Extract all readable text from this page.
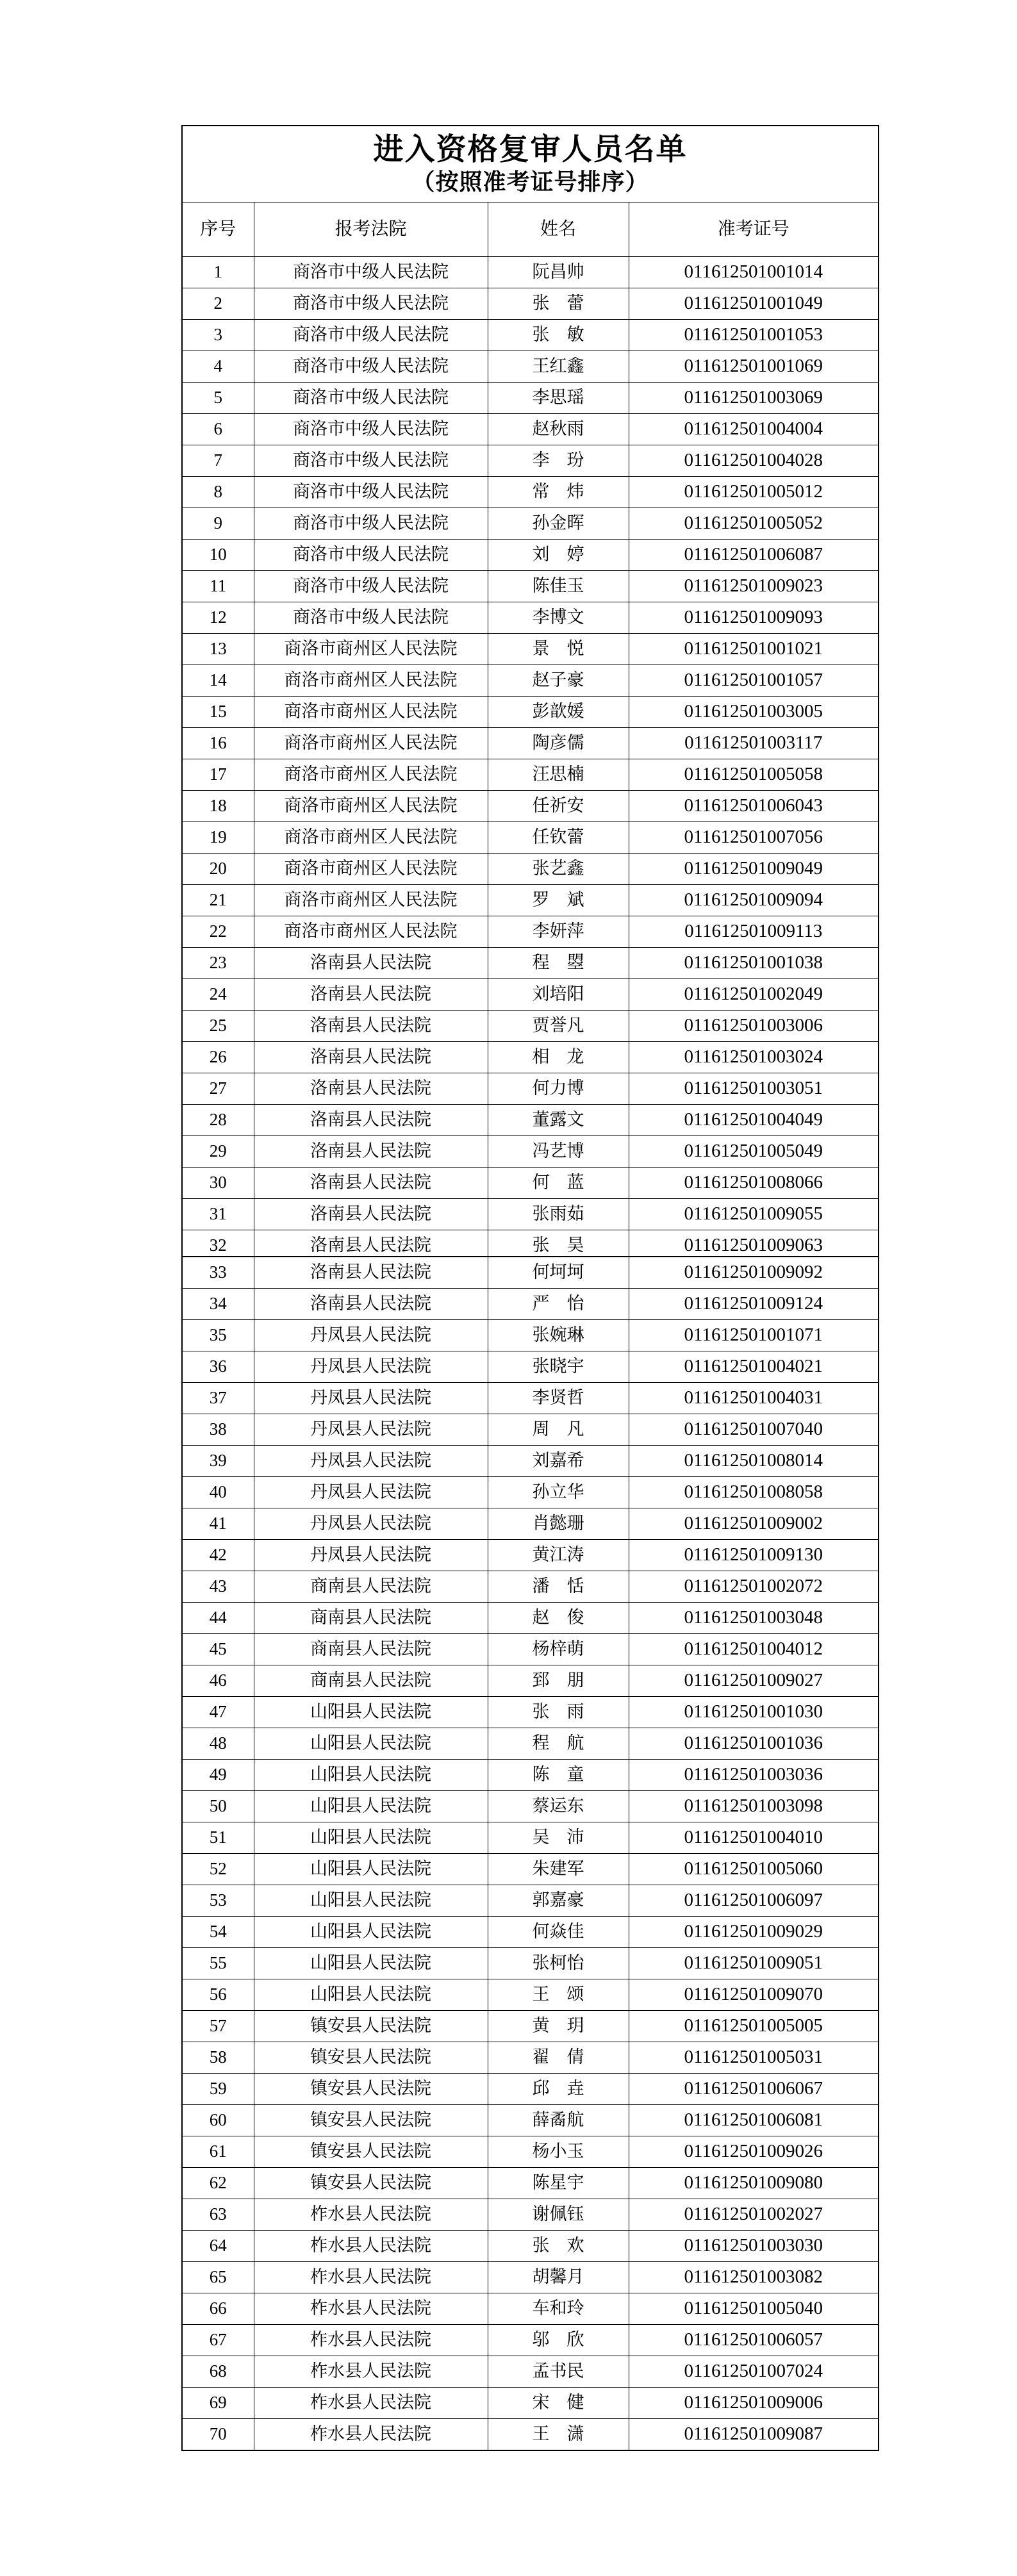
进入资格复审人员名单
（按照准考证号排序）			

序号	报考法院	姓名	准考证号
1	商洛市中级人民法院	阮昌帅	011612501001014
2	商洛市中级人民法院	张　蕾	011612501001049
3	商洛市中级人民法院	张　敏	011612501001053
4	商洛市中级人民法院	王红鑫	011612501001069
5	商洛市中级人民法院	李思瑶	011612501003069
6	商洛市中级人民法院	赵秋雨	011612501004004
7	商洛市中级人民法院	李　玢	011612501004028
8	商洛市中级人民法院	常　炜	011612501005012
9	商洛市中级人民法院	孙金晖	011612501005052
10	商洛市中级人民法院	刘　婷	011612501006087
11	商洛市中级人民法院	陈佳玉	011612501009023
12	商洛市中级人民法院	李博文	011612501009093
13	商洛市商州区人民法院	景　悦	011612501001021
14	商洛市商州区人民法院	赵子豪	011612501001057
15	商洛市商州区人民法院	彭歆媛	011612501003005
16	商洛市商州区人民法院	陶彦儒	011612501003117
17	商洛市商州区人民法院	汪思楠	011612501005058
18	商洛市商州区人民法院	任祈安	011612501006043
19	商洛市商州区人民法院	任钦蕾	011612501007056
20	商洛市商州区人民法院	张艺鑫	011612501009049
21	商洛市商州区人民法院	罗　斌	011612501009094
22	商洛市商州区人民法院	李妍萍	011612501009113
23	洛南县人民法院	程　曌	011612501001038
24	洛南县人民法院	刘培阳	011612501002049
25	洛南县人民法院	贾誉凡	011612501003006
26	洛南县人民法院	相　龙	011612501003024
27	洛南县人民法院	何力博	011612501003051
28	洛南县人民法院	董露文	011612501004049
29	洛南县人民法院	冯艺博	011612501005049
30	洛南县人民法院	何　蓝	011612501008066
31	洛南县人民法院	张雨茹	011612501009055
32	洛南县人民法院	张　昊	011612501009063
33	洛南县人民法院	何坷坷	011612501009092
34	洛南县人民法院	严　怡	011612501009124
35	丹凤县人民法院	张婉琳	011612501001071
36	丹凤县人民法院	张晓宇	011612501004021
37	丹凤县人民法院	李贤哲	011612501004031
38	丹凤县人民法院	周　凡	011612501007040
39	丹凤县人民法院	刘嘉希	011612501008014
40	丹凤县人民法院	孙立华	011612501008058
41	丹凤县人民法院	肖懿珊	011612501009002
42	丹凤县人民法院	黄江涛	011612501009130
43	商南县人民法院	潘　恬	011612501002072
44	商南县人民法院	赵　俊	011612501003048
45	商南县人民法院	杨梓萌	011612501004012
46	商南县人民法院	郅　朋	011612501009027
47	山阳县人民法院	张　雨	011612501001030
48	山阳县人民法院	程　航	011612501001036
49	山阳县人民法院	陈　童	011612501003036
50	山阳县人民法院	蔡运东	011612501003098
51	山阳县人民法院	吴　沛	011612501004010
52	山阳县人民法院	朱建军	011612501005060
53	山阳县人民法院	郭嘉豪	011612501006097
54	山阳县人民法院	何焱佳	011612501009029
55	山阳县人民法院	张柯怡	011612501009051
56	山阳县人民法院	王　颂	011612501009070
57	镇安县人民法院	黄　玥	011612501005005
58	镇安县人民法院	翟　倩	011612501005031
59	镇安县人民法院	邱　垚	011612501006067
60	镇安县人民法院	薛矞航	011612501006081
61	镇安县人民法院	杨小玉	011612501009026
62	镇安县人民法院	陈星宇	011612501009080
63	柞水县人民法院	谢佩钰	011612501002027
64	柞水县人民法院	张　欢	011612501003030
65	柞水县人民法院	胡馨月	011612501003082
66	柞水县人民法院	车和玲	011612501005040
67	柞水县人民法院	邬　欣	011612501006057
68	柞水县人民法院	孟书民	011612501007024
69	柞水县人民法院	宋　健	011612501009006
70	柞水县人民法院	王　潇	011612501009087
